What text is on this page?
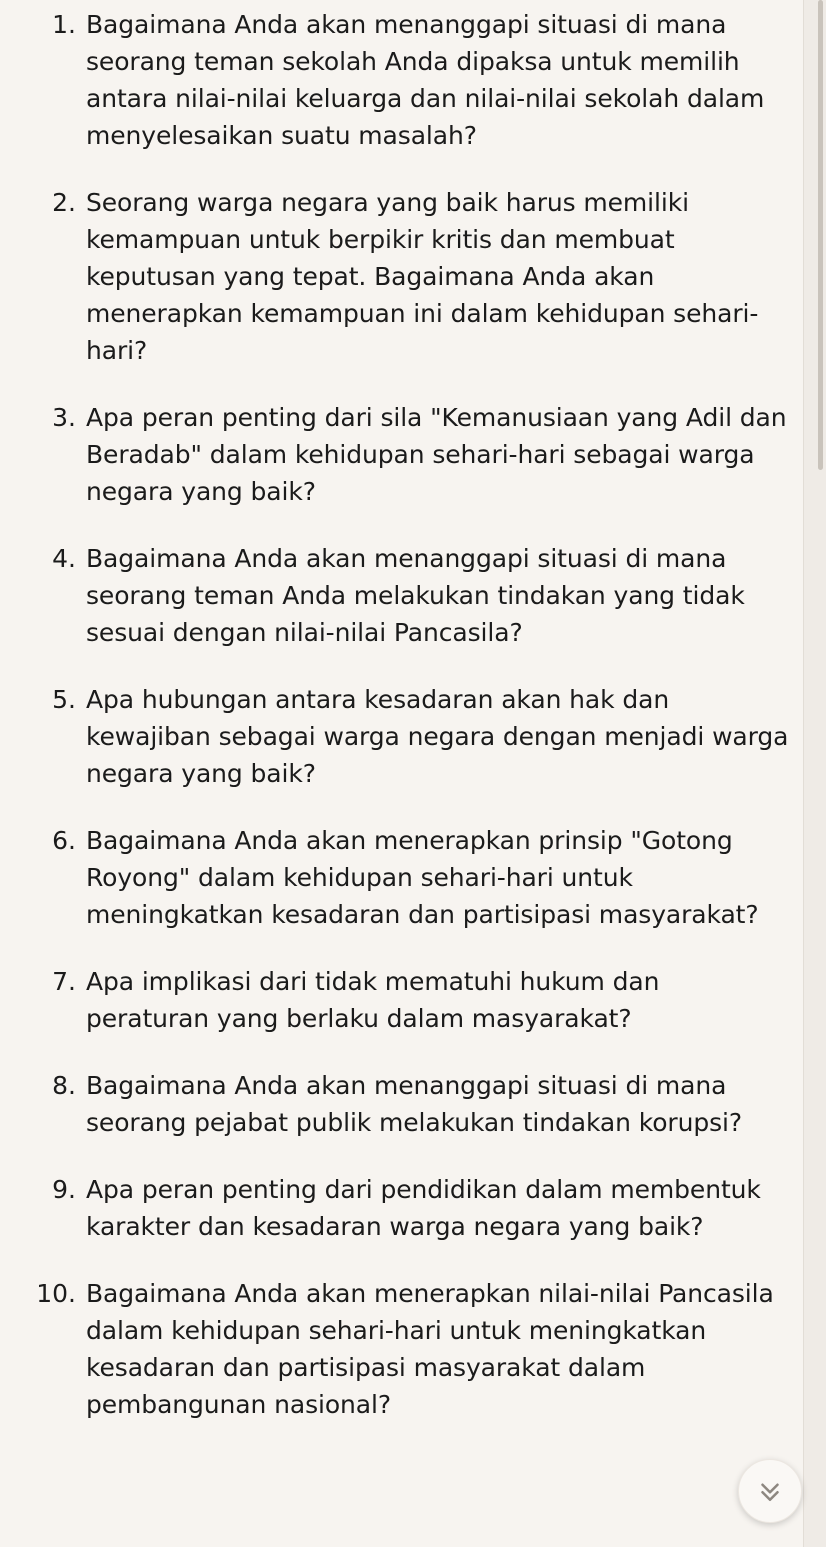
1. Bagaimana Anda akan menanggapi situasi di mana seorang teman sekolah Anda dipaksa untuk memilih antara nilai-nilai keluarga dan nilai-nilai sekolah dalam menyelesaikan suatu masalah?
2. Seorang warga negara yang baik harus memiliki kemampuan untuk berpikir kritis dan membuat keputusan yang tepat. Bagaimana Anda akan menerapkan kemampuan ini dalam kehidupan sehari-hari?
3. Apa peran penting dari sila "Kemanusiaan yang Adil dan Beradab" dalam kehidupan sehari-hari sebagai warga negara yang baik?
4. Bagaimana Anda akan menanggapi situasi di mana seorang teman Anda melakukan tindakan yang tidak sesuai dengan nilai-nilai Pancasila?
5. Apa hubungan antara kesadaran akan hak dan kewajiban sebagai warga negara dengan menjadi warga negara yang baik?
6. Bagaimana Anda akan menerapkan prinsip "Gotong Royong" dalam kehidupan sehari-hari untuk meningkatkan kesadaran dan partisipasi masyarakat?
7. Apa implikasi dari tidak mematuhi hukum dan peraturan yang berlaku dalam masyarakat?
8. Bagaimana Anda akan menanggapi situasi di mana seorang pejabat publik melakukan tindakan korupsi?
9. Apa peran penting dari pendidikan dalam membentuk karakter dan kesadaran warga negara yang baik?
10. Bagaimana Anda akan menerapkan nilai-nilai Pancasila dalam kehidupan sehari-hari untuk meningkatkan kesadaran dan partisipasi masyarakat dalam pembangunan nasional?
